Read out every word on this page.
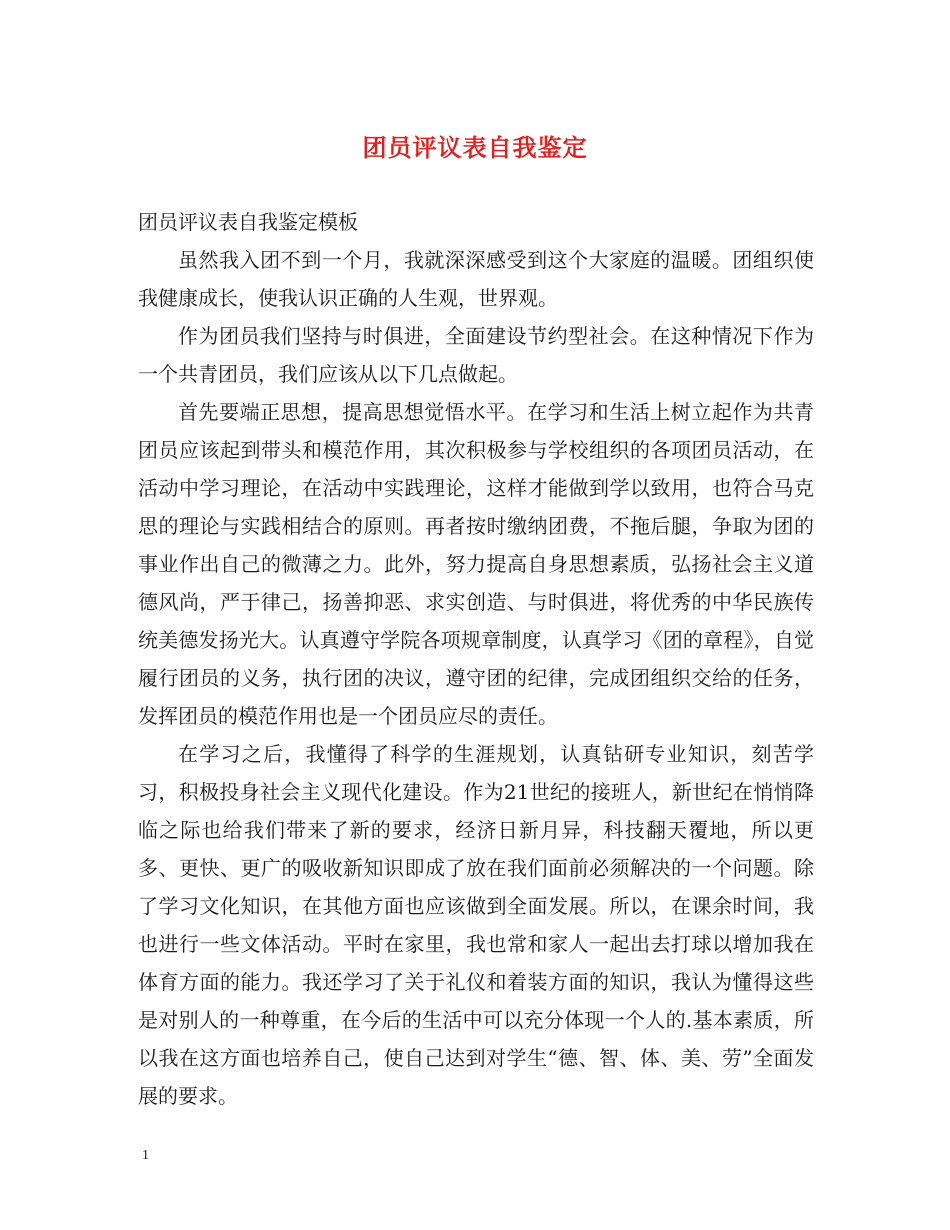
团员评议表自我鉴定

团员评议表自我鉴定模板

虽然我入团不到一个月，我就深深感受到这个大家庭的温暖。团组织使我健康成长，使我认识正确的人生观，世界观。

作为团员我们坚持与时俱进，全面建设节约型社会。在这种情况下作为一个共青团员，我们应该从以下几点做起。

首先要端正思想，提高思想觉悟水平。在学习和生活上树立起作为共青团员应该起到带头和模范作用，其次积极参与学校组织的各项团员活动，在活动中学习理论，在活动中实践理论，这样才能做到学以致用，也符合马克思的理论与实践相结合的原则。再者按时缴纳团费，不拖后腿，争取为团的事业作出自己的微薄之力。此外，努力提高自身思想素质，弘扬社会主义道德风尚，严于律己，扬善抑恶、求实创造、与时俱进，将优秀的中华民族传统美德发扬光大。认真遵守学院各项规章制度，认真学习《团的章程》，自觉履行团员的义务，执行团的决议，遵守团的纪律，完成团组织交给的任务，发挥团员的模范作用也是一个团员应尽的责任。

在学习之后，我懂得了科学的生涯规划，认真钻研专业知识，刻苦学习，积极投身社会主义现代化建设。作为21世纪的接班人，新世纪在悄悄降临之际也给我们带来了新的要求，经济日新月异，科技翻天覆地，所以更多、更快、更广的吸收新知识即成了放在我们面前必须解决的一个问题。除了学习文化知识，在其他方面也应该做到全面发展。所以，在课余时间，我也进行一些文体活动。平时在家里，我也常和家人一起出去打球以增加我在体育方面的能力。我还学习了关于礼仪和着装方面的知识，我认为懂得这些是对别人的一种尊重，在今后的生活中可以充分体现一个人的.基本素质，所以我在这方面也培养自己，使自己达到对学生“德、智、体、美、劳”全面发展的要求。

1
